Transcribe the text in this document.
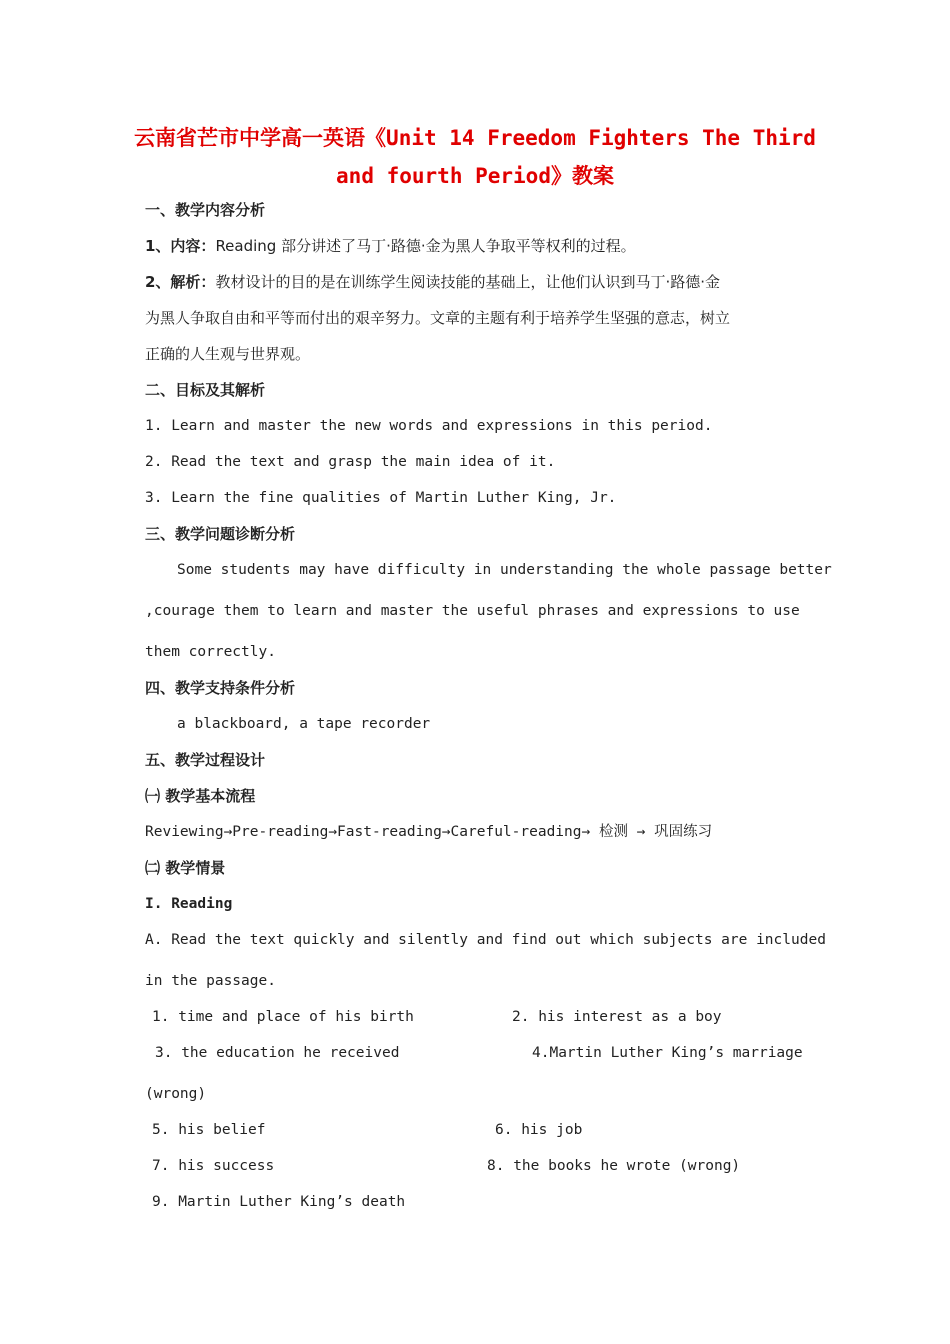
云南省芒市中学高一英语《Unit 14 Freedom Fighters The Third
and fourth Period》教案
一、教学内容分析
1、内容：Reading 部分讲述了马丁·路德·金为黑人争取平等权利的过程。
2、解析：教材设计的目的是在训练学生阅读技能的基础上，让他们认识到马丁·路德·金
为黑人争取自由和平等而付出的艰辛努力。文章的主题有利于培养学生坚强的意志，树立
正确的人生观与世界观。
二、目标及其解析
1. Learn and master the new words and expressions in this period.
2. Read the text and grasp the main idea of it.
3. Learn the fine qualities of Martin Luther King, Jr.
三、教学问题诊断分析
Some students may have difficulty in understanding the whole passage better
,courage them to learn and master the useful phrases and expressions to use
them correctly.
四、教学支持条件分析
a blackboard, a tape recorder
五、教学过程设计
㈠ 教学基本流程
Reviewing→Pre-reading→Fast-reading→Careful-reading→ 检测 → 巩固练习
㈡ 教学情景
I. Reading
A. Read the text quickly and silently and find out which subjects are included
in the passage.
1. time and place of his birth	2. his interest as a boy
3. the education he received	4.Martin Luther King’s marriage
(wrong)
5. his belief	6. his job
7. his success	8. the books he wrote (wrong)
9. Martin Luther King’s death
